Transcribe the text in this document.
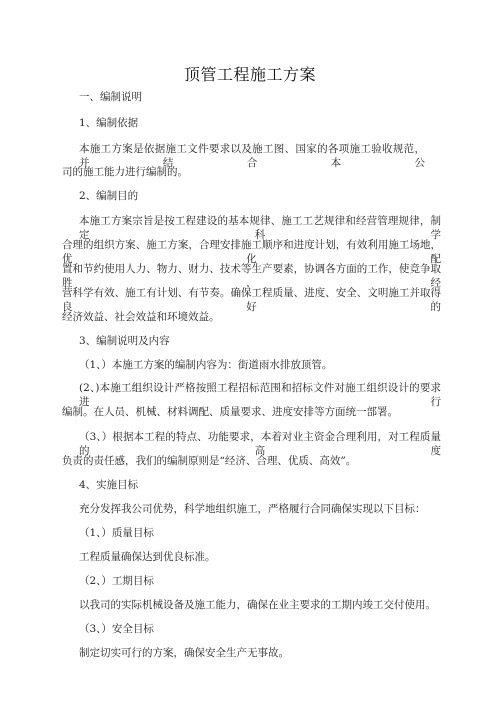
顶管工程施工方案
一、编制说明
1、编制依据
本施工方案是依据施工文件要求以及施工图、国家的各项施工验收规范，并结合本公
司的施工能力进行编制的。
2、编制目的
本施工方案宗旨是按工程建设的基本规律、施工工艺规律和经营管理规律，制定科学
合理的组织方案、施工方案，合理安排施工顺序和进度计划，有效利用施工场地，优化配
置和节约使用人力、物力、财力、技术等生产要素，协调各方面的工作，使竞争取胜，经
营科学有效、施工有计划、有节奏。确保工程质量、进度、安全、文明施工并取得良好的
经济效益、社会效益和环境效益。
3、编制说明及内容
（1、）本施工方案的编制内容为：街道雨水排放顶管。
(2、)本施工组织设计严格按照工程招标范围和招标文件对施工组织设计的要求进行
编制。在人员、机械、材料调配、质量要求、进度安排等方面统一部署。
（3、）根据本工程的特点、功能要求，本着对业主资金合理利用，对工程质量的高度
负责的责任感，我们的编制原则是“经济、合理、优质、高效”。
4、实施目标
充分发挥我公司优势，科学地组织施工，严格履行合同确保实现以下目标：
（1、）质量目标
工程质量确保达到优良标准。
（2、）工期目标
以我司的实际机械设备及施工能力，确保在业主要求的工期内竣工交付使用。
（3、）安全目标
制定切实可行的方案，确保安全生产无事故。
